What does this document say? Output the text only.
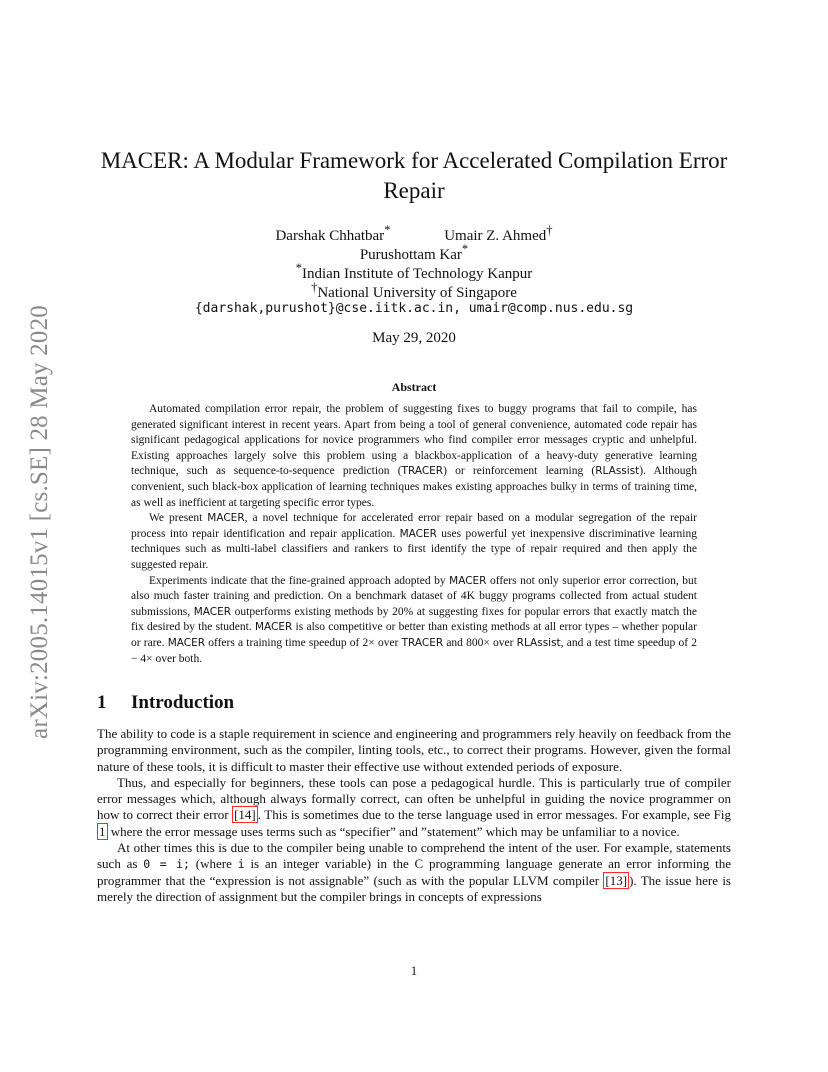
arXiv:2005.14015v1 [cs.SE] 28 May 2020
MACER: A Modular Framework for Accelerated Compilation Error Repair
Darshak Chhatbar*	Umair Z. Ahmed†
Purushottam Kar*
*Indian Institute of Technology Kanpur
†National University of Singapore
{darshak,purushot}@cse.iitk.ac.in, umair@comp.nus.edu.sg
May 29, 2020
Abstract

Automated compilation error repair, the problem of suggesting fixes to buggy programs that fail to compile, has generated significant interest in recent years. Apart from being a tool of general convenience, automated code repair has significant pedagogical applications for novice programmers who find compiler error messages cryptic and unhelpful. Existing approaches largely solve this problem using a blackbox-application of a heavy-duty generative learning technique, such as sequence-to-sequence prediction (TRACER) or reinforcement learning (RLAssist). Although convenient, such black-box application of learning techniques makes existing approaches bulky in terms of training time, as well as inefficient at targeting specific error types.

We present MACER, a novel technique for accelerated error repair based on a modular segregation of the repair process into repair identification and repair application. MACER uses powerful yet inexpensive discriminative learning techniques such as multi-label classifiers and rankers to first identify the type of repair required and then apply the suggested repair.

Experiments indicate that the fine-grained approach adopted by MACER offers not only superior error correction, but also much faster training and prediction. On a benchmark dataset of 4K buggy programs collected from actual student submissions, MACER outperforms existing methods by 20% at suggesting fixes for popular errors that exactly match the fix desired by the student. MACER is also competitive or better than existing methods at all error types – whether popular or rare. MACER offers a training time speedup of 2× over TRACER and 800× over RLAssist, and a test time speedup of 2 − 4× over both.

1 Introduction

The ability to code is a staple requirement in science and engineering and programmers rely heavily on feedback from the programming environment, such as the compiler, linting tools, etc., to correct their programs. However, given the formal nature of these tools, it is difficult to master their effective use without extended periods of exposure.

Thus, and especially for beginners, these tools can pose a pedagogical hurdle. This is particularly true of compiler error messages which, although always formally correct, can often be unhelpful in guiding the novice programmer on how to correct their error [14] . This is sometimes due to the terse language used in error messages. For example, see Fig 1 where the error message uses terms such as “specifier” and ”statement” which may be unfamiliar to a novice.

At other times this is due to the compiler being unable to comprehend the intent of the user. For example, statements such as 0 = i; (where i is an integer variable) in the C programming language generate an error informing the programmer that the “expression is not assignable” (such as with the popular LLVM compiler [13] ). The issue here is merely the direction of assignment but the compiler brings in concepts of expressions

1
